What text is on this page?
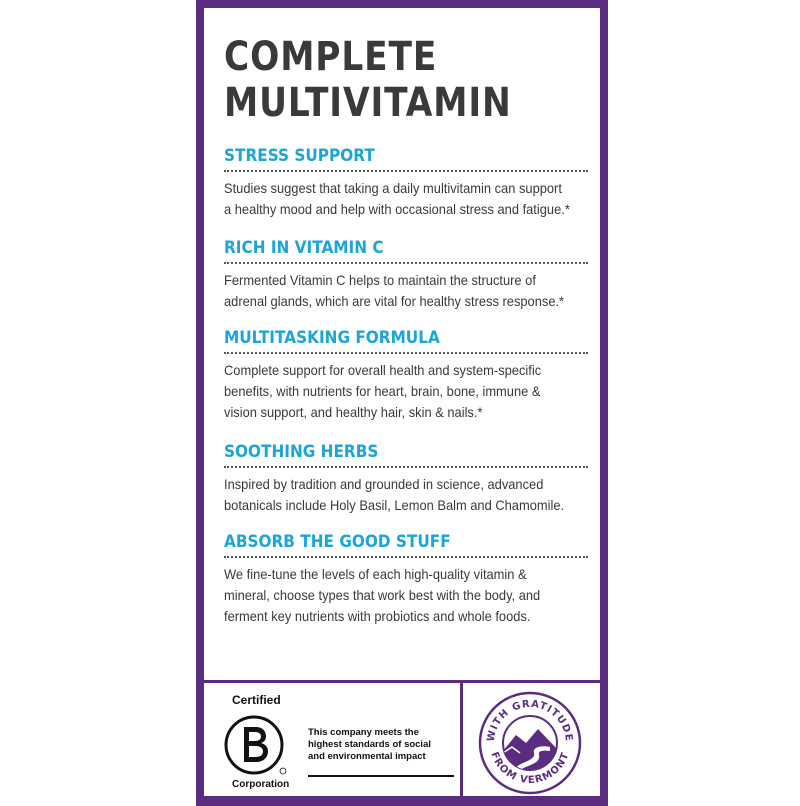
COMPLETE
MULTIVITAMIN
STRESS SUPPORT

Studies suggest that taking a daily multivitamin can support
a healthy mood and help with occasional stress and fatigue.*

RICH IN VITAMIN C

Fermented Vitamin C helps to maintain the structure of
adrenal glands, which are vital for healthy stress response.*

MULTITASKING FORMULA

Complete support for overall health and system-specific
benefits, with nutrients for heart, brain, bone, immune &
vision support, and healthy hair, skin & nails.*

SOOTHING HERBS

Inspired by tradition and grounded in science, advanced
botanicals include Holy Basil, Lemon Balm and Chamomile.

ABSORB THE GOOD STUFF

We fine-tune the levels of each high-quality vitamin &
mineral, choose types that work best with the body, and
ferment key nutrients with probiotics and whole foods.

Certified
Corporation
This company meets the
highest standards of social
and environmental impact
WITH GRATITUDE
FROM VERMONT
